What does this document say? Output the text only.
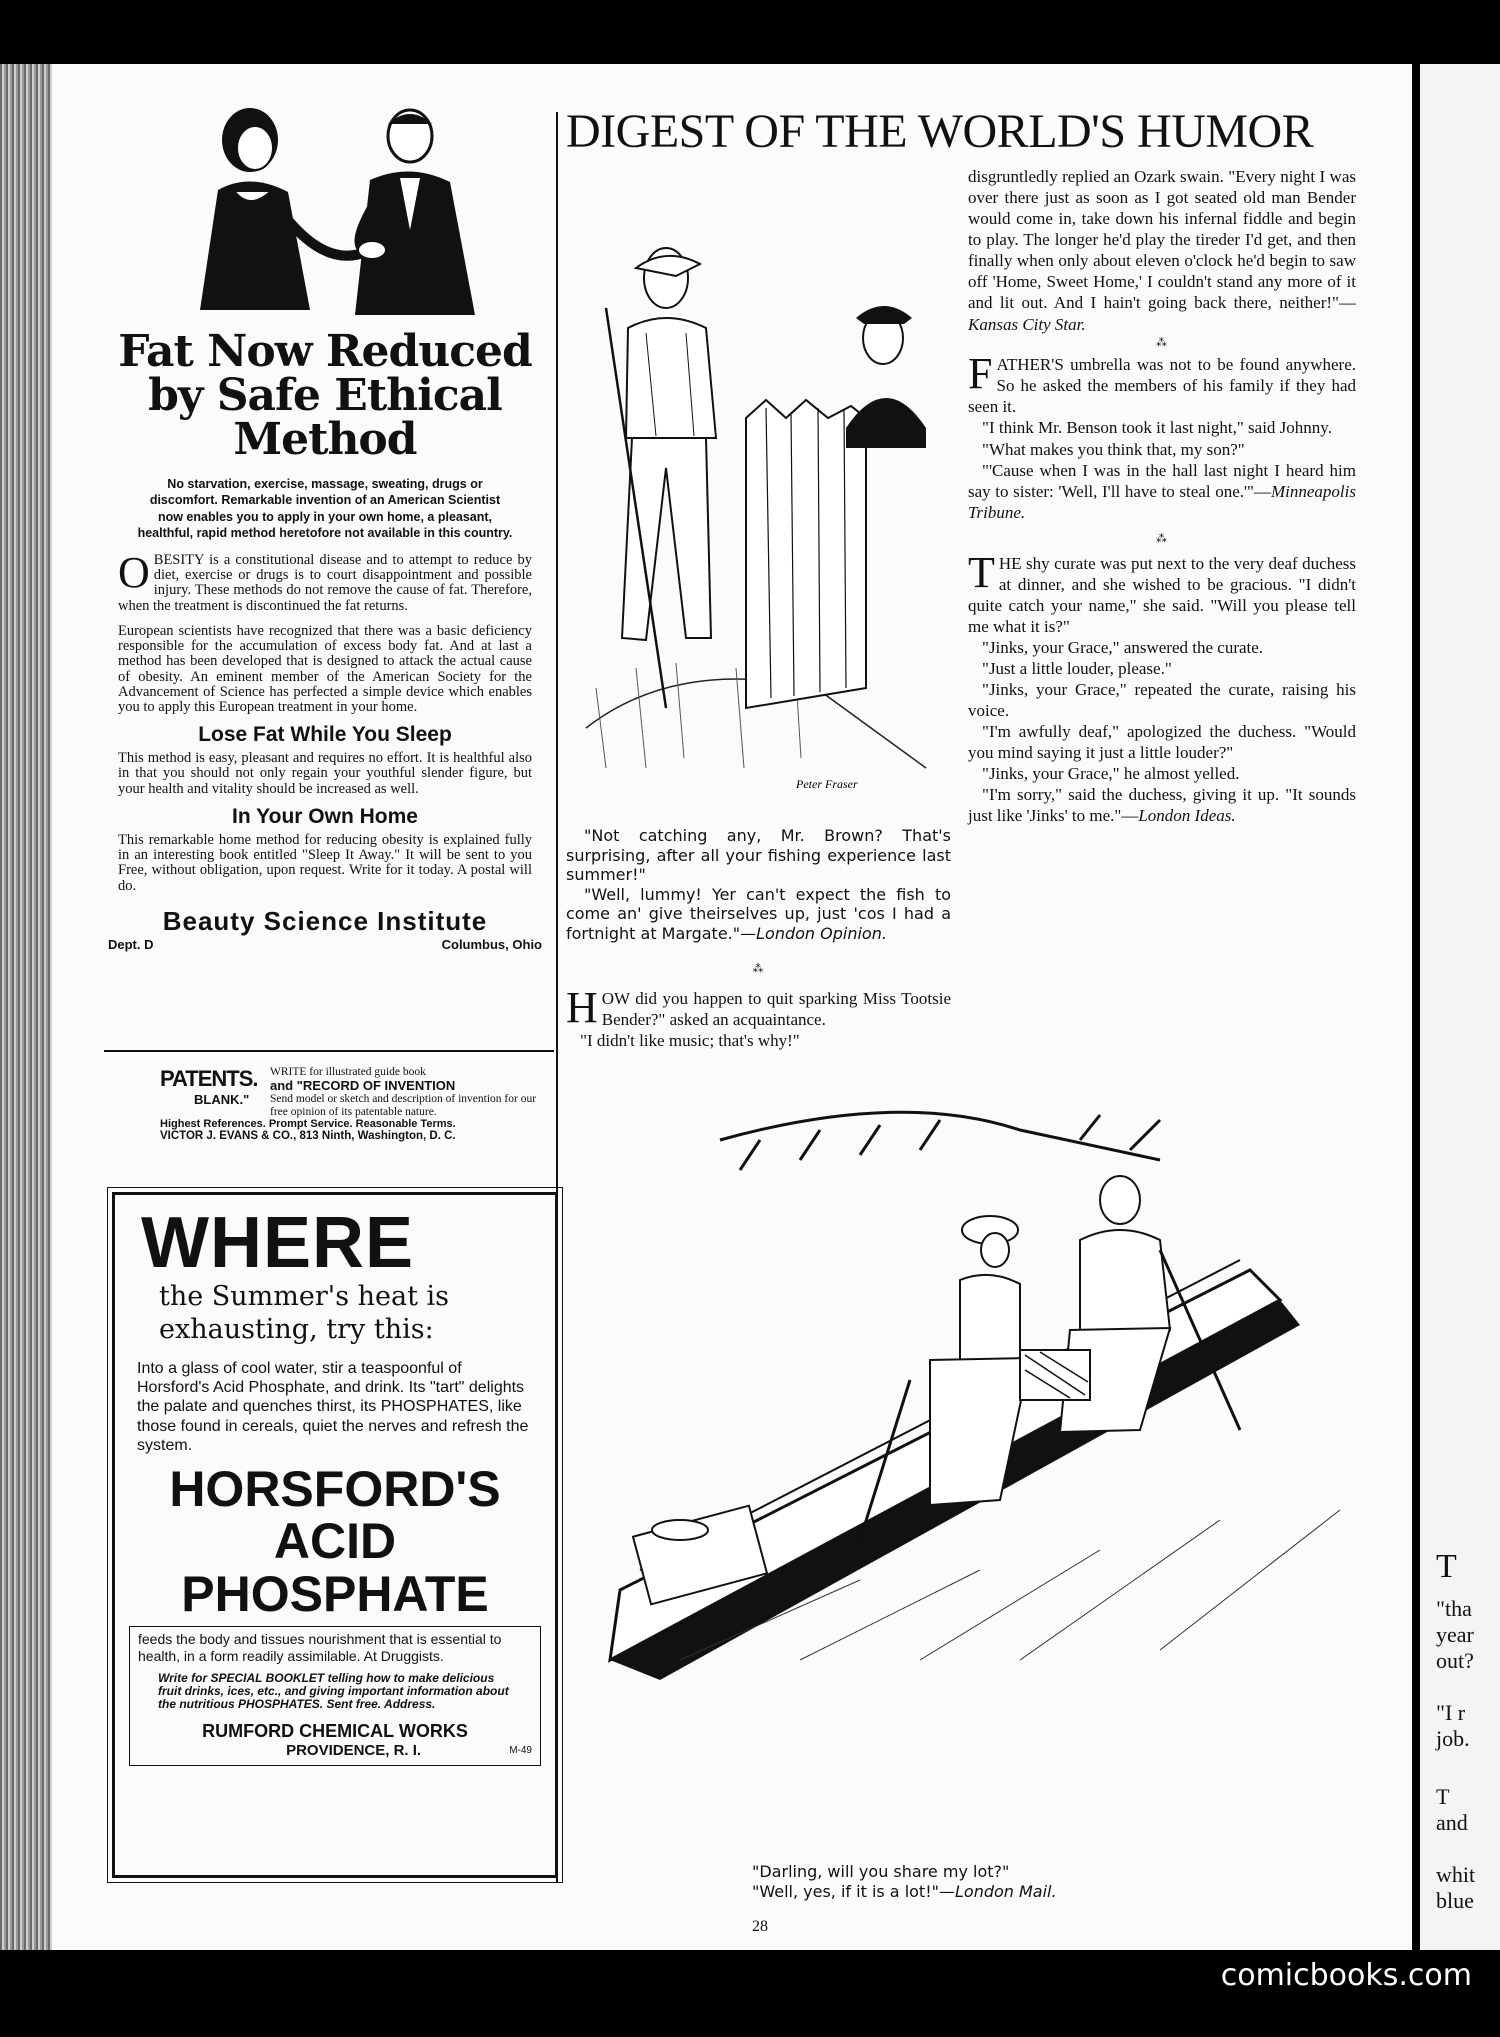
T
"tha
year
out?
"I r
job.
T
and
whit
blue
Fat Now Reduced
by Safe Ethical
Method
No starvation, exercise, massage, sweating, drugs or discomfort. Remarkable invention of an American Scientist now enables you to apply in your own home, a pleasant, healthful, rapid method heretofore not available in this country.
OBESITY is a constitutional disease and to attempt to reduce by diet, exercise or drugs is to court disappointment and possible injury. These methods do not remove the cause of fat. Therefore, when the treatment is discontinued the fat returns.
European scientists have recognized that there was a basic deficiency responsible for the accumulation of excess body fat. And at last a method has been developed that is designed to attack the actual cause of obesity. An eminent member of the American Society for the Advancement of Science has perfected a simple device which enables you to apply this European treatment in your home.
Lose Fat While You Sleep
This method is easy, pleasant and requires no effort. It is healthful also in that you should not only regain your youthful slender figure, but your health and vitality should be increased as well.
In Your Own Home
This remarkable home method for reducing obesity is explained fully in an interesting book entitled "Sleep It Away." It will be sent to you Free, without obligation, upon request. Write for it today. A postal will do.
Beauty Science Institute
Dept. D	Columbus, Ohio
PATENTS.
BLANK."
WRITE for illustrated guide book
and "RECORD OF INVENTION
Send model or sketch and description of invention for our free opinion of its patentable nature.
Highest References. Prompt Service. Reasonable Terms.
VICTOR J. EVANS & CO., 813 Ninth, Washington, D. C.
WHERE
the Summer's heat is
exhausting, try this:
Into a glass of cool water, stir a teaspoonful of Horsford's Acid Phosphate, and drink. Its "tart" delights the palate and quenches thirst, its PHOSPHATES, like those found in cereals, quiet the nerves and refresh the system.
HORSFORD'S
ACID
PHOSPHATE
feeds the body and tissues nourishment that is essential to health, in a form readily assimilable. At Druggists.
Write for SPECIAL BOOKLET telling how to make delicious fruit drinks, ices, etc., and giving important information about the nutritious PHOSPHATES. Sent free. Address.
RUMFORD CHEMICAL WORKS
PROVIDENCE, R. I.	M-49
DIGEST OF THE WORLD'S HUMOR
Peter Fraser
"Not catching any, Mr. Brown? That's surprising, after all your fishing experience last summer!"
"Well, lummy! Yer can't expect the fish to come an' give theirselves up, just 'cos I had a fortnight at Margate."—London Opinion.
⁂
HOW did you happen to quit sparking Miss Tootsie Bender?" asked an acquaintance.

"I didn't like music; that's why!"

disgruntledly replied an Ozark swain. "Every night I was over there just as soon as I got seated old man Bender would come in, take down his infernal fiddle and begin to play. The longer he'd play the tireder I'd get, and then finally when only about eleven o'clock he'd begin to saw off 'Home, Sweet Home,' I couldn't stand any more of it and lit out. And I hain't going back there, neither!"—Kansas City Star.
⁂
FATHER'S umbrella was not to be found anywhere. So he asked the members of his family if they had seen it.

"I think Mr. Benson took it last night," said Johnny.

"What makes you think that, my son?"

"'Cause when I was in the hall last night I heard him say to sister: 'Well, I'll have to steal one.'"—Minneapolis Tribune.

⁂
THE shy curate was put next to the very deaf duchess at dinner, and she wished to be gracious. "I didn't quite catch your name," she said. "Will you please tell me what it is?"

"Jinks, your Grace," answered the curate.

"Just a little louder, please."

"Jinks, your Grace," repeated the curate, raising his voice.

"I'm awfully deaf," apologized the duchess. "Would you mind saying it just a little louder?"

"Jinks, your Grace," he almost yelled.

"I'm sorry," said the duchess, giving it up. "It sounds just like 'Jinks' to me."—London Ideas.

"Darling, will you share my lot?"
"Well, yes, if it is a lot!"—London Mail.
28
comicbooks.com
